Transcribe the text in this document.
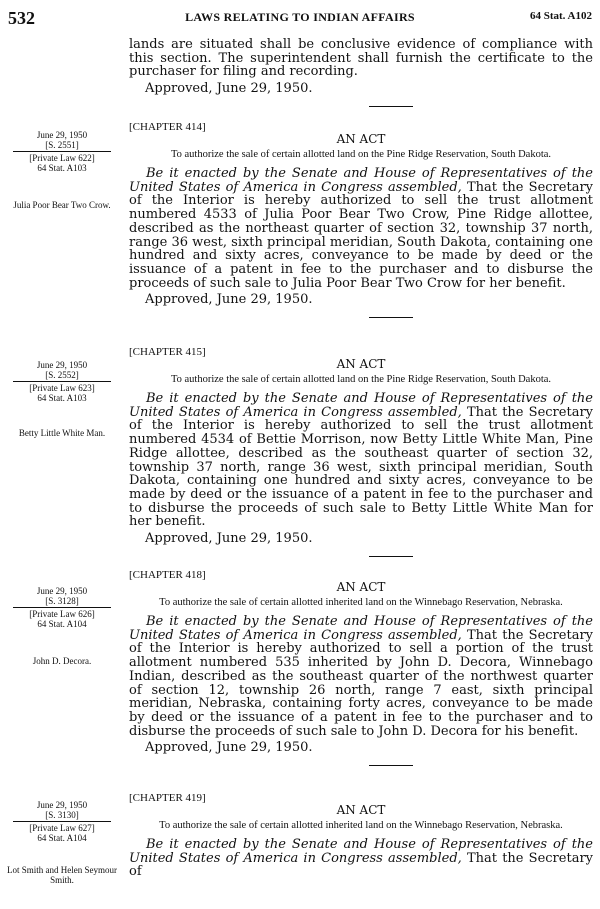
532	LAWS RELATING TO INDIAN AFFAIRS	64 Stat. A102

lands are situated shall be conclusive evidence of compliance with this section. The superintendent shall furnish the certificate to the purchaser for filing and recording.

Approved, June 29, 1950.
June 29, 1950
[S. 2551]
[Private Law 622]
64 Stat. A103
Julia Poor Bear Two Crow.
[CHAPTER 414]
AN ACT
To authorize the sale of certain allotted land on the Pine Ridge Reservation, South Dakota.

Be it enacted by the Senate and House of Representatives of the United States of America in Congress assembled, That the Secretary of the Interior is hereby authorized to sell the trust allotment numbered 4533 of Julia Poor Bear Two Crow, Pine Ridge allottee, described as the northeast quarter of section 32, township 37 north, range 36 west, sixth principal meridian, South Dakota, containing one hundred and sixty acres, conveyance to be made by deed or the issuance of a patent in fee to the purchaser and to disburse the proceeds of such sale to Julia Poor Bear Two Crow for her benefit.

Approved, June 29, 1950.
June 29, 1950
[S. 2552]
[Private Law 623]
64 Stat. A103
Betty Little White Man.
[CHAPTER 415]
AN ACT
To authorize the sale of certain allotted land on the Pine Ridge Reservation, South Dakota.

Be it enacted by the Senate and House of Representatives of the United States of America in Congress assembled, That the Secretary of the Interior is hereby authorized to sell the trust allotment numbered 4534 of Bettie Morrison, now Betty Little White Man, Pine Ridge allottee, described as the southeast quarter of section 32, township 37 north, range 36 west, sixth principal meridian, South Dakota, containing one hundred and sixty acres, conveyance to be made by deed or the issuance of a patent in fee to the purchaser and to disburse the proceeds of such sale to Betty Little White Man for her benefit.

Approved, June 29, 1950.
June 29, 1950
[S. 3128]
[Private Law 626]
64 Stat. A104
John D. Decora.
[CHAPTER 418]
AN ACT
To authorize the sale of certain allotted inherited land on the Winnebago Reservation, Nebraska.

Be it enacted by the Senate and House of Representatives of the United States of America in Congress assembled, That the Secretary of the Interior is hereby authorized to sell a portion of the trust allotment numbered 535 inherited by John D. Decora, Winnebago Indian, described as the southeast quarter of the northwest quarter of section 12, township 26 north, range 7 east, sixth principal meridian, Nebraska, containing forty acres, conveyance to be made by deed or the issuance of a patent in fee to the purchaser and to disburse the proceeds of such sale to John D. Decora for his benefit.

Approved, June 29, 1950.
June 29, 1950
[S. 3130]
[Private Law 627]
64 Stat. A104
Lot Smith and Helen Seymour Smith.
[CHAPTER 419]
AN ACT
To authorize the sale of certain allotted inherited land on the Winnebago Reservation, Nebraska.

Be it enacted by the Senate and House of Representatives of the United States of America in Congress assembled, That the Secretary of
